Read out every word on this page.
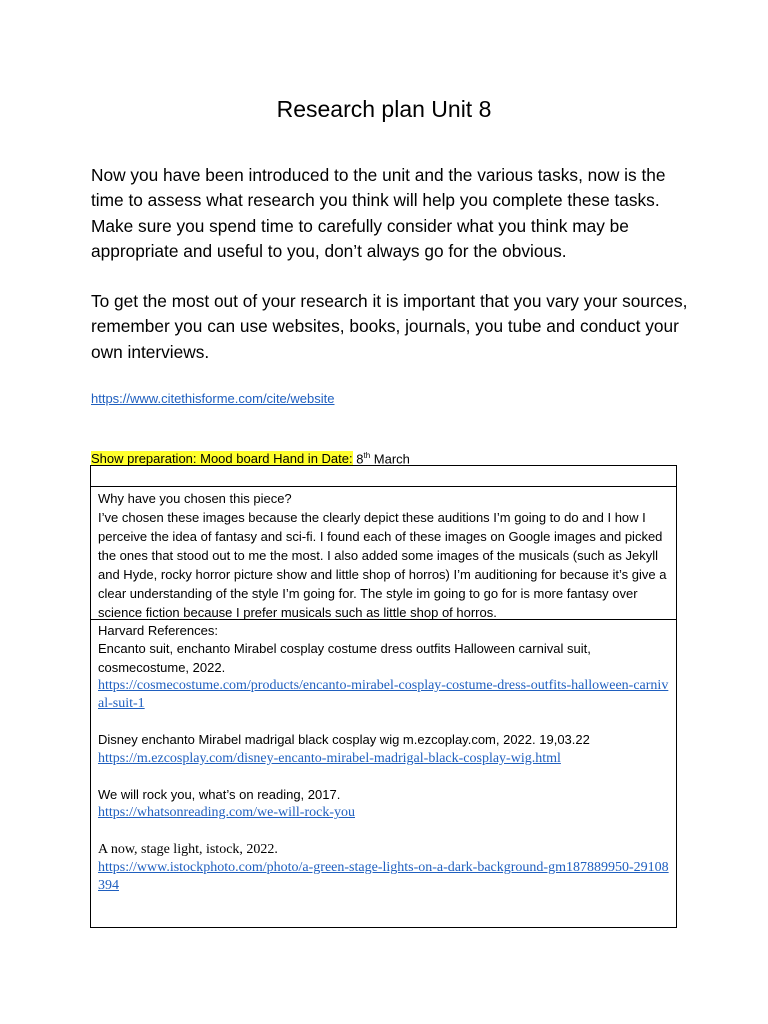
Research plan Unit 8

Now you have been introduced to the unit and the various tasks, now is the time to assess what research you think will help you complete these tasks. Make sure you spend time to carefully consider what you think may be appropriate and useful to you, don’t always go for the obvious.

To get the most out of your research it is important that you vary your sources, remember you can use websites, books, journals, you tube and conduct your own interviews.

https://www.citethisforme.com/cite/website
Show preparation: Mood board Hand in Date: 8th March
Why have you chosen this piece?
I’ve chosen these images because the clearly depict these auditions I’m going to do and I how I perceive the idea of fantasy and sci-fi. I found each of these images on Google images and picked the ones that stood out to me the most. I also added some images of the musicals (such as Jekyll and Hyde, rocky horror picture show and little shop of horros) I’m auditioning for because it’s give a clear understanding of the style I’m going for. The style im going to go for is more fantasy over science fiction because I prefer musicals such as little shop of horros.
Harvard References:
Encanto suit, enchanto Mirabel cosplay costume dress outfits Halloween carnival suit, cosmecostume, 2022.
https://cosmecostume.com/products/encanto-mirabel-cosplay-costume-dress-outfits-halloween-carnival-suit-1
Disney enchanto Mirabel madrigal black cosplay wig m.ezcoplay.com, 2022. 19,03.22
https://m.ezcosplay.com/disney-encanto-mirabel-madrigal-black-cosplay-wig.html
We will rock you, what’s on reading, 2017.
https://whatsonreading.com/we-will-rock-you
A now, stage light, istock, 2022.
https://www.istockphoto.com/photo/a-green-stage-lights-on-a-dark-background-gm187889950-29108394
